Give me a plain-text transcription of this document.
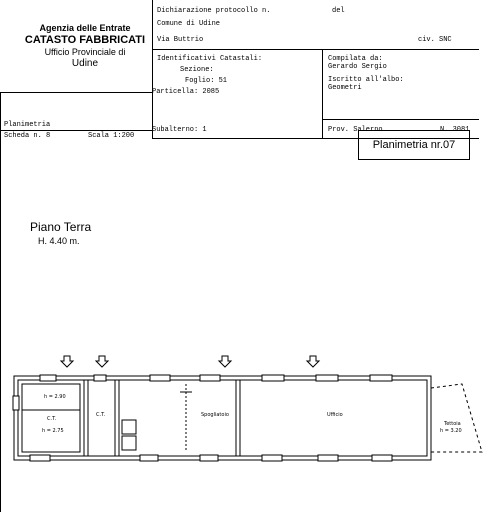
Agenzia delle Entrate
CATASTO FABBRICATI
Ufficio Provinciale di
Udine
Dichiarazione protocollo n.	del
Comune di Udine
Via Buttrio	civ. SNC
Identificativi Catastali:
Sezione:
Foglio: 51
Particella: 2085
Subalterno: 1
Compilata da:
Gerardo Sergio
Iscritto all'albo:
Geometri
Prov. Salerno	N. 3081
Planimetria
Scheda n. 8	Scala 1:200
Planimetria nr.07
Piano Terra
H. 4.40 m.
h = 2.90
C.T.
h = 2.75
C.T.	Spogliatoio	Ufficio
Tettoia
h = 3.20
